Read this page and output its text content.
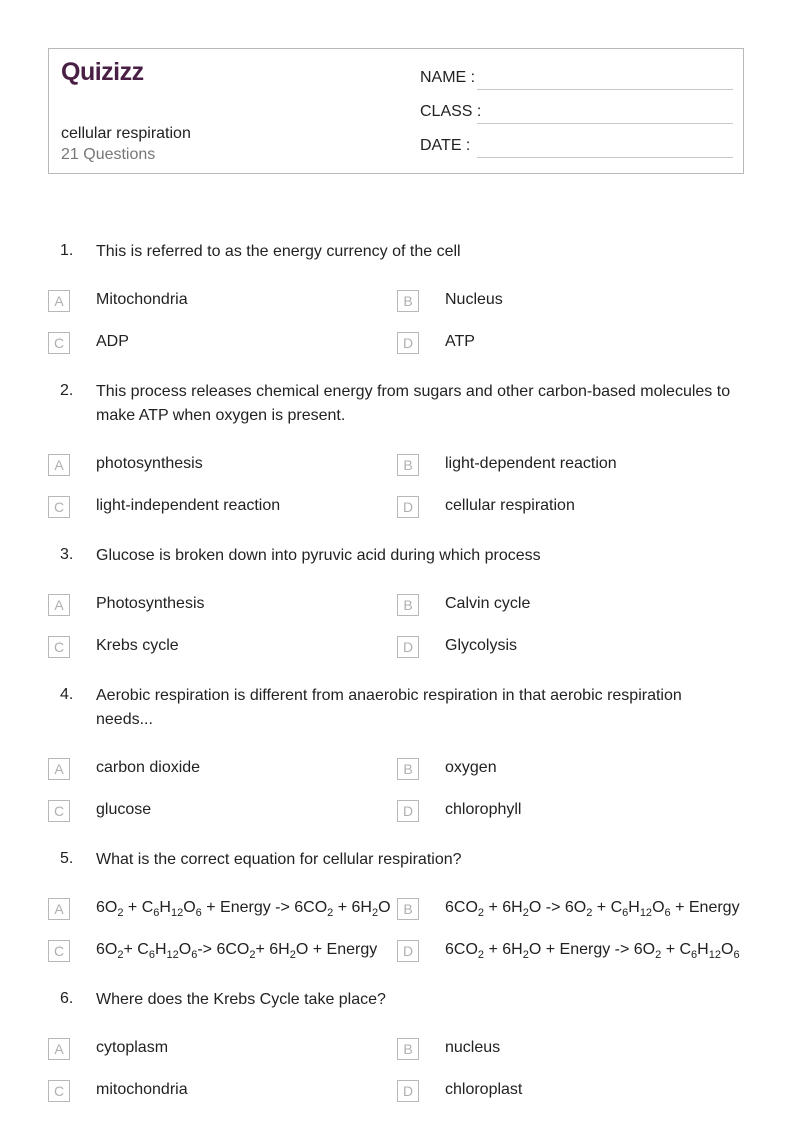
Quizizz
cellular respiration
21 Questions
NAME :
CLASS :
DATE :
1. This is referred to as the energy currency of the cell
A	Mitochondria	B	Nucleus
C	ADP	D	ATP
2. This process releases chemical energy from sugars and other carbon-based molecules to make ATP when oxygen is present.
A	photosynthesis	B	light-dependent reaction
C	light-independent reaction	D	cellular respiration
3. Glucose is broken down into pyruvic acid during which process
A	Photosynthesis	B	Calvin cycle
C	Krebs cycle	D	Glycolysis
4. Aerobic respiration is different from anaerobic respiration in that aerobic respiration needs...
A	carbon dioxide	B	oxygen
C	glucose	D	chlorophyll
5. What is the correct equation for cellular respiration?
A	$6O_2 + C_6H_{12}O_6$ + Energy -> $6CO_2 + 6H_2O$ B	$6CO_2 + 6H_2O -> 6O_2 + C_6H_{12}O_6$ + Energy
C	$6O_2+ C_6H_{12}O_6-> 6CO_2+ 6H_2O$ + Energy	D	$6CO_2 + 6H_2O$ + Energy -> $6O_2 + C_6H_{12}O_6$
6. Where does the Krebs Cycle take place?
A	cytoplasm	B	nucleus
C	mitochondria	D	chloroplast
